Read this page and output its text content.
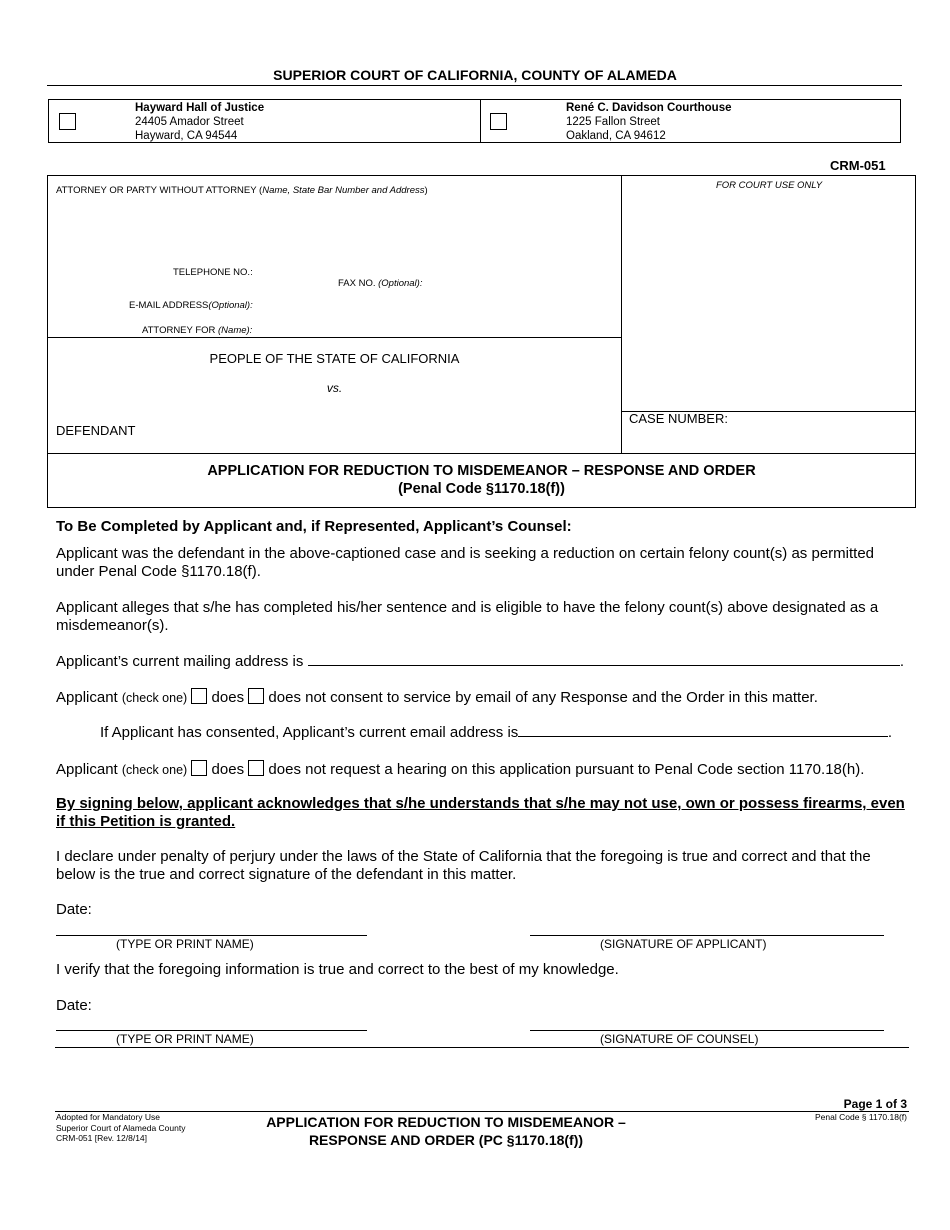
SUPERIOR COURT OF CALIFORNIA, COUNTY OF ALAMEDA
Hayward Hall of Justice
24405 Amador Street
Hayward, CA 94544
René C. Davidson Courthouse
1225 Fallon Street
Oakland, CA 94612
CRM-051
ATTORNEY OR PARTY WITHOUT ATTORNEY (Name, State Bar Number and Address)	FOR COURT USE ONLY
TELEPHONE NO.:
FAX NO. (Optional):
E-MAIL ADDRESS(Optional):
ATTORNEY FOR (Name):
PEOPLE OF THE STATE OF CALIFORNIA
vs.
DEFENDANT
CASE NUMBER:
APPLICATION FOR REDUCTION TO MISDEMEANOR – RESPONSE AND ORDER
(Penal Code §1170.18(f))
To Be Completed by Applicant and, if Represented, Applicant’s Counsel:
Applicant was the defendant in the above-captioned case and is seeking a reduction on certain felony count(s) as permitted under Penal Code §1170.18(f).
Applicant alleges that s/he has completed his/her sentence and is eligible to have the felony count(s) above designated as a misdemeanor(s).
Applicant’s current mailing address is	.
Applicant (check one) does does not consent to service by email of any Response and the Order in this matter.
If Applicant has consented, Applicant’s current email address is	.
Applicant (check one) does does not request a hearing on this application pursuant to Penal Code section 1170.18(h).
By signing below, applicant acknowledges that s/he understands that s/he may not use, own or possess firearms, even if this Petition is granted.
I declare under penalty of perjury under the laws of the State of California that the foregoing is true and correct and that the below is the true and correct signature of the defendant in this matter.
Date:
(TYPE OR PRINT NAME)	(SIGNATURE OF APPLICANT)
I verify that the foregoing information is true and correct to the best of my knowledge.
Date:
(TYPE OR PRINT NAME)	(SIGNATURE OF COUNSEL)
Page 1 of 3
Adopted for Mandatory Use
Superior Court of Alameda County
CRM-051 [Rev. 12/8/14]
APPLICATION FOR REDUCTION TO MISDEMEANOR –
RESPONSE AND ORDER (PC §1170.18(f))
Penal Code § 1170.18(f)
